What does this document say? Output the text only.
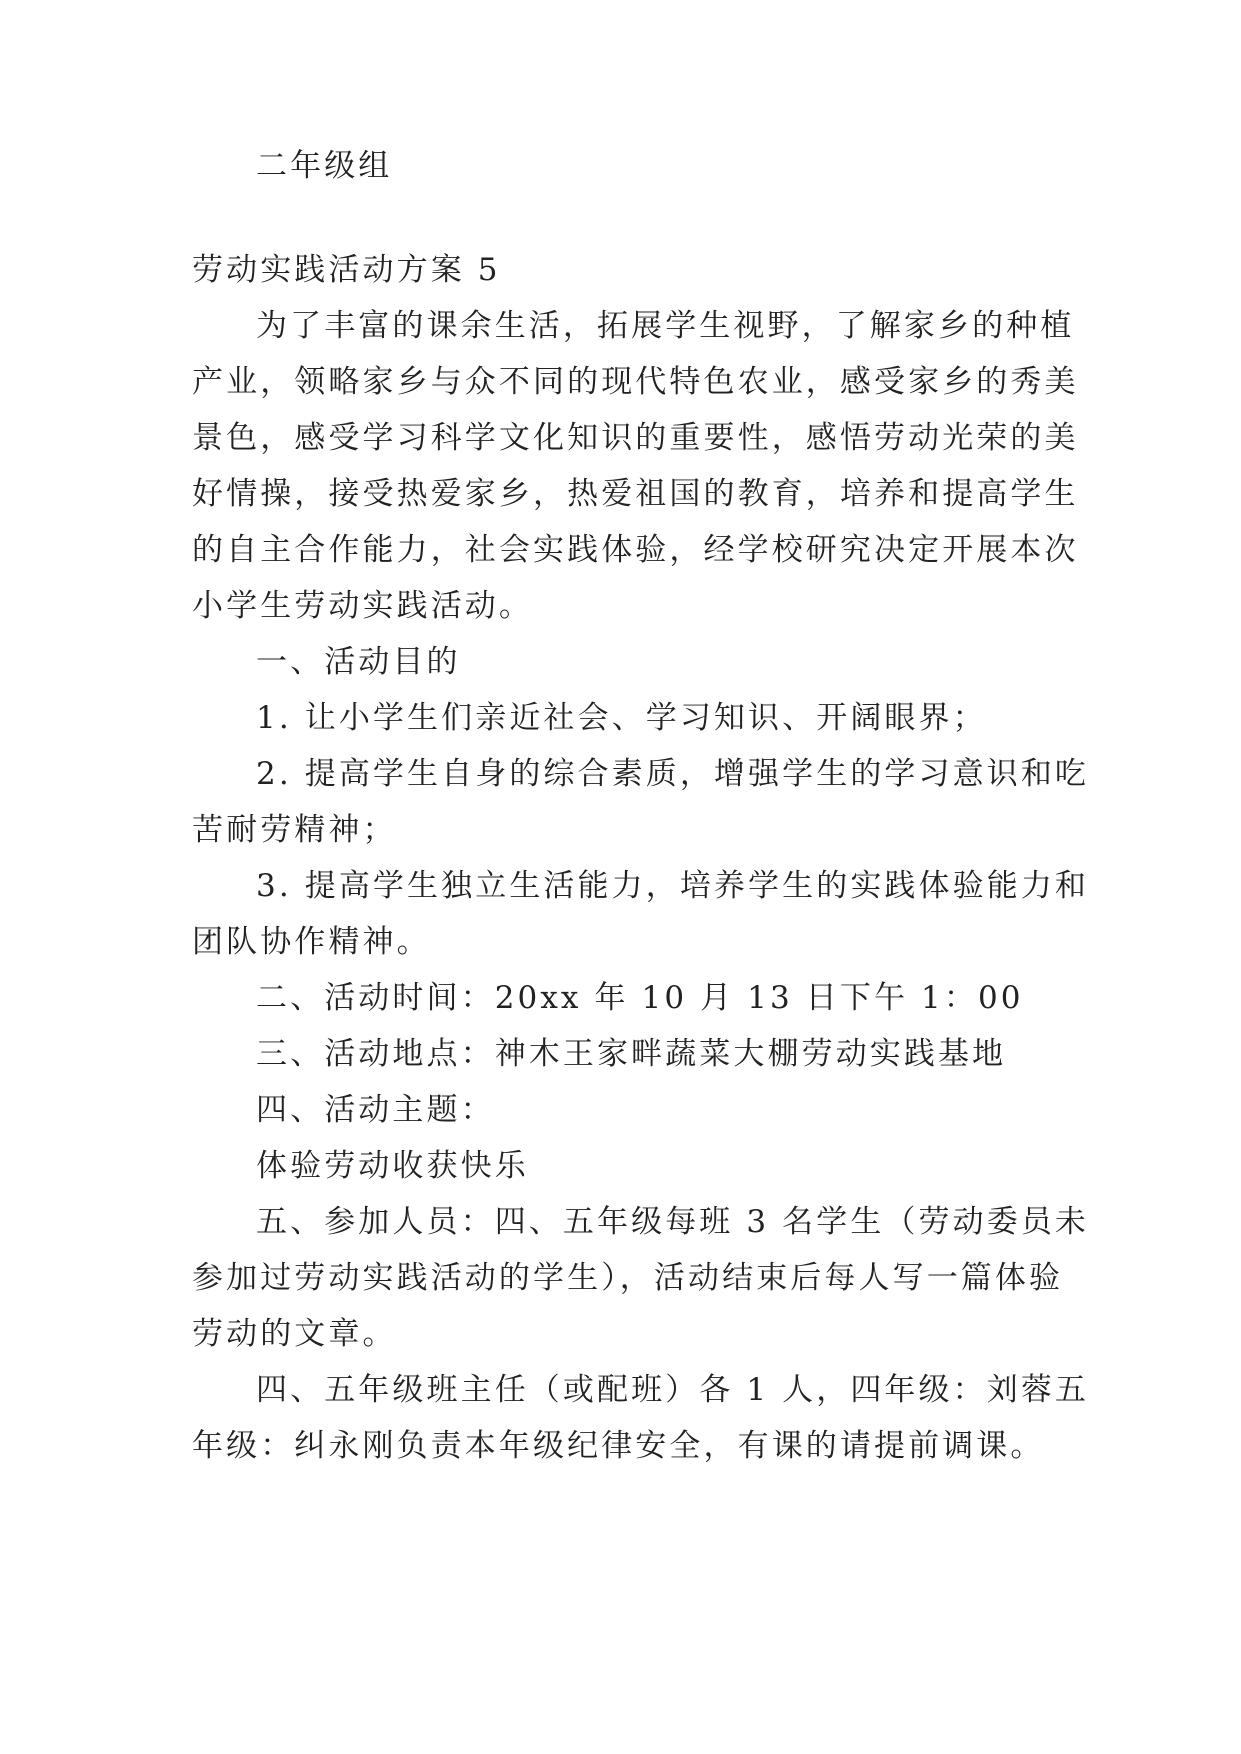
二年级组
劳动实践活动方案 5
为了丰富的课余生活，拓展学生视野，了解家乡的种植
产业，领略家乡与众不同的现代特色农业，感受家乡的秀美
景色，感受学习科学文化知识的重要性，感悟劳动光荣的美
好情操，接受热爱家乡，热爱祖国的教育，培养和提高学生
的自主合作能力，社会实践体验，经学校研究决定开展本次
小学生劳动实践活动。
一、活动目的
1. 让小学生们亲近社会、学习知识、开阔眼界；
2. 提高学生自身的综合素质，增强学生的学习意识和吃
苦耐劳精神；
3. 提高学生独立生活能力，培养学生的实践体验能力和
团队协作精神。
二、活动时间：20xx 年 10 月 13 日下午 1：00
三、活动地点：神木王家畔蔬菜大棚劳动实践基地
四、活动主题：
体验劳动收获快乐
五、参加人员：四、五年级每班 3 名学生（劳动委员未
参加过劳动实践活动的学生），活动结束后每人写一篇体验
劳动的文章。
四、五年级班主任（或配班）各 1 人，四年级：刘蓉五
年级：纠永刚负责本年级纪律安全，有课的请提前调课。
